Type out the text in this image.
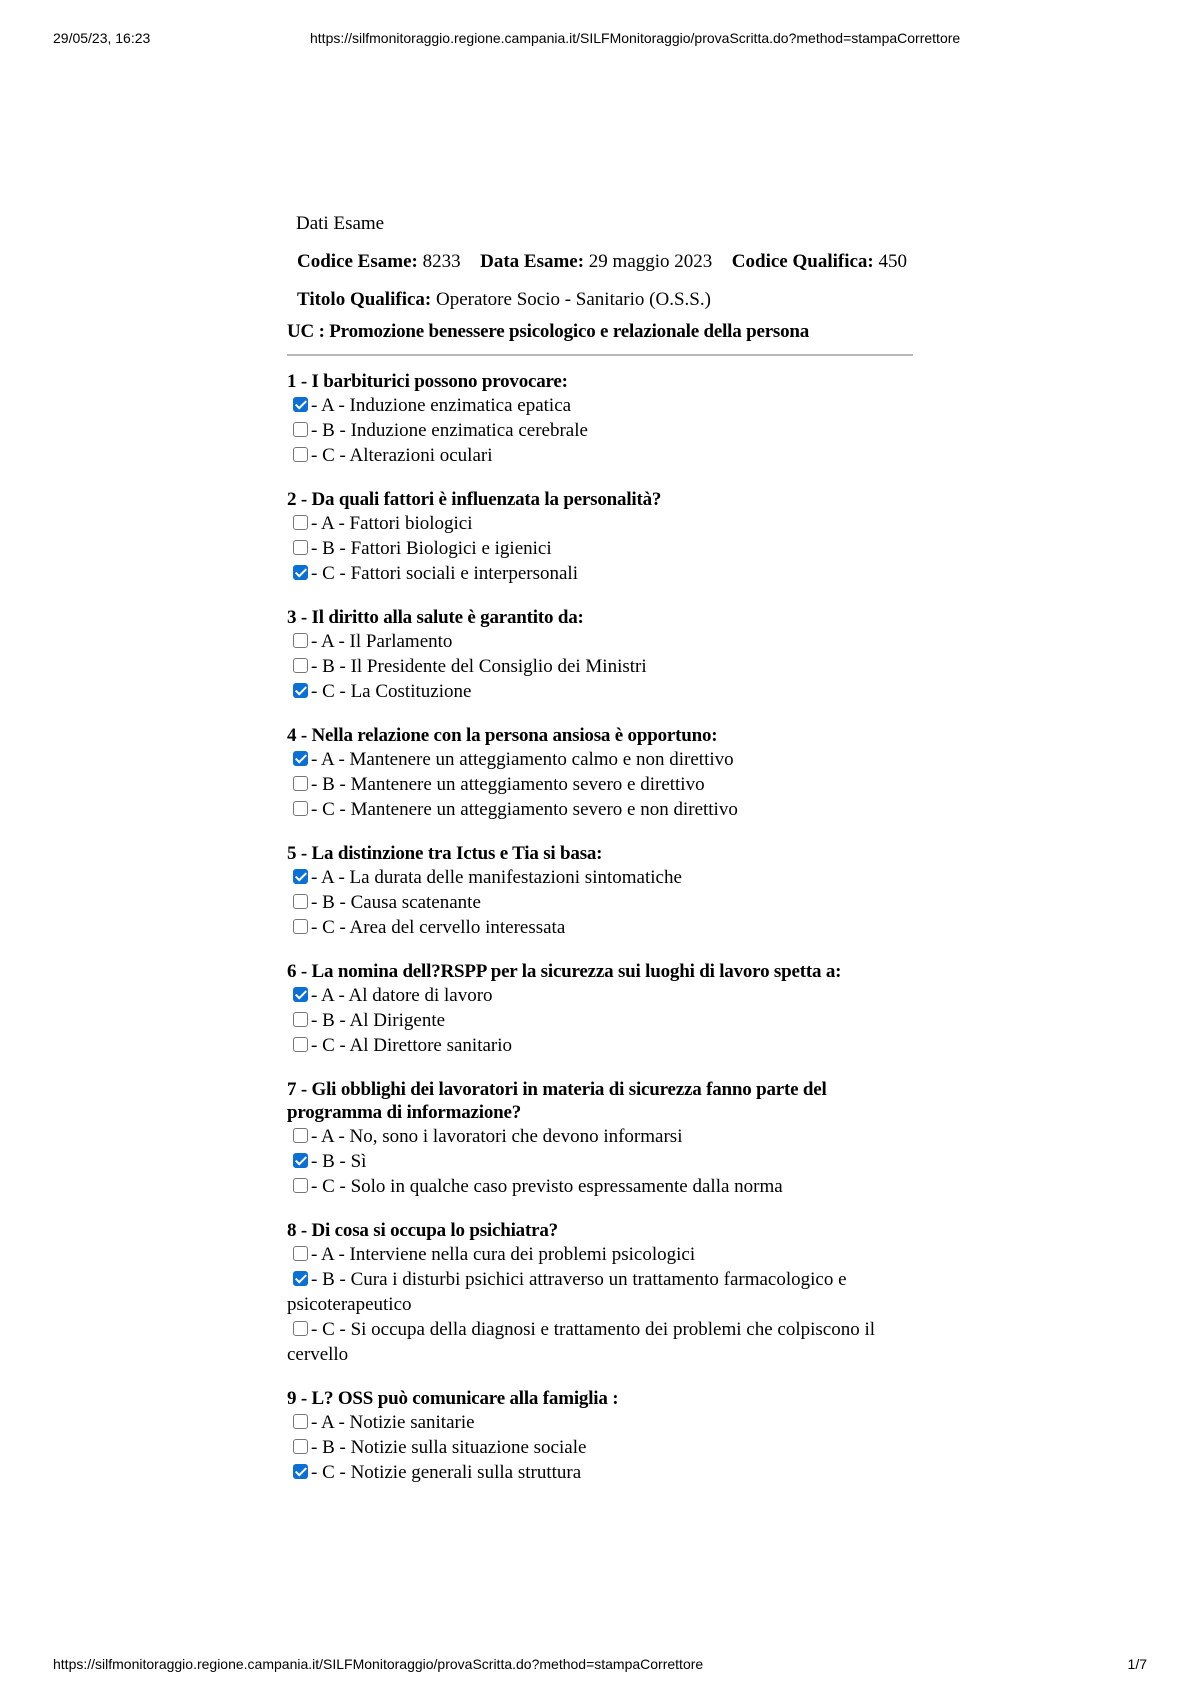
29/05/23, 16:23	https://silfmonitoraggio.regione.campania.it/SILFMonitoraggio/provaScritta.do?method=stampaCorrettore
Dati Esame
Codice Esame: 8233 Data Esame: 29 maggio 2023 Codice Qualifica: 450
Titolo Qualifica: Operatore Socio - Sanitario (O.S.S.)
UC : Promozione benessere psicologico e relazionale della persona
1 - I barbiturici possono provocare:
- A - Induzione enzimatica epatica
- B - Induzione enzimatica cerebrale
- C - Alterazioni oculari
2 - Da quali fattori è influenzata la personalità?
- A - Fattori biologici
- B - Fattori Biologici e igienici
- C - Fattori sociali e interpersonali
3 - Il diritto alla salute è garantito da:
- A - Il Parlamento
- B - Il Presidente del Consiglio dei Ministri
- C - La Costituzione
4 - Nella relazione con la persona ansiosa è opportuno:
- A - Mantenere un atteggiamento calmo e non direttivo
- B - Mantenere un atteggiamento severo e direttivo
- C - Mantenere un atteggiamento severo e non direttivo
5 - La distinzione tra Ictus e Tia si basa:
- A - La durata delle manifestazioni sintomatiche
- B - Causa scatenante
- C - Area del cervello interessata
6 - La nomina dell?RSPP per la sicurezza sui luoghi di lavoro spetta a:
- A - Al datore di lavoro
- B - Al Dirigente
- C - Al Direttore sanitario
7 - Gli obblighi dei lavoratori in materia di sicurezza fanno parte del programma di informazione?
- A - No, sono i lavoratori che devono informarsi
- B - Sì
- C - Solo in qualche caso previsto espressamente dalla norma
8 - Di cosa si occupa lo psichiatra?
- A - Interviene nella cura dei problemi psicologici
- B - Cura i disturbi psichici attraverso un trattamento farmacologico e psicoterapeutico
- C - Si occupa della diagnosi e trattamento dei problemi che colpiscono il cervello
9 - L? OSS può comunicare alla famiglia :
- A - Notizie sanitarie
- B - Notizie sulla situazione sociale
- C - Notizie generali sulla struttura
https://silfmonitoraggio.regione.campania.it/SILFMonitoraggio/provaScritta.do?method=stampaCorrettore	1/7
